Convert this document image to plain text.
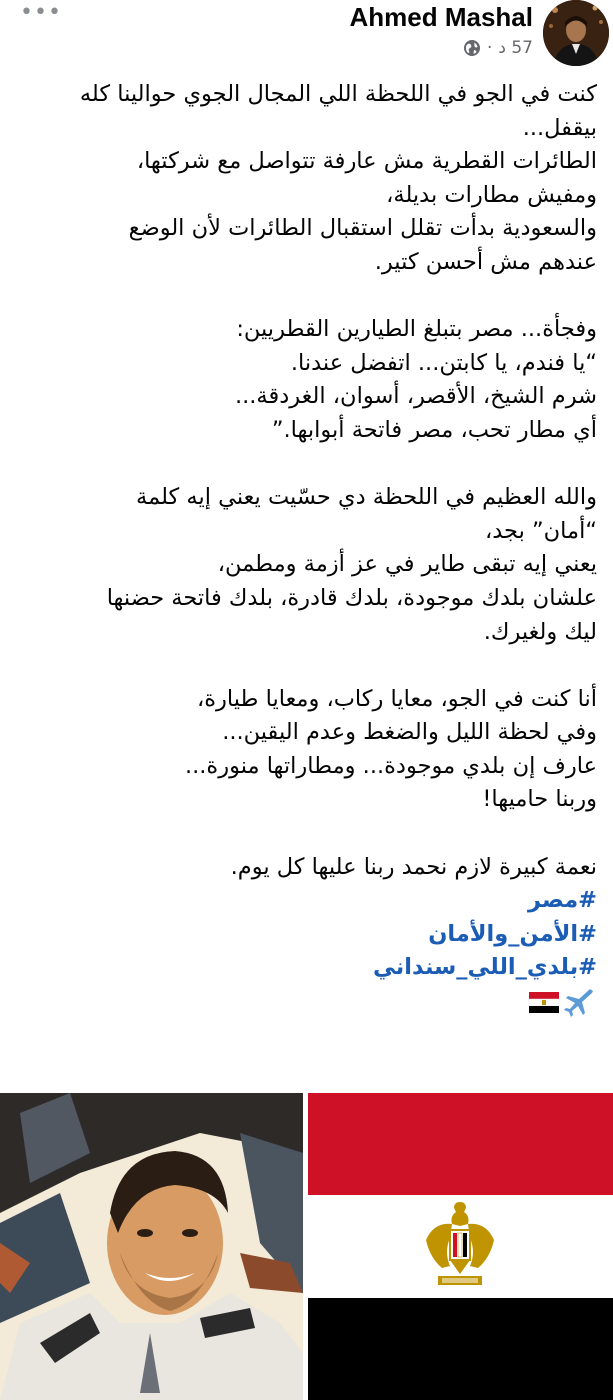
•••	Ahmed Mashal
· 57 د
كنت في الجو في اللحظة اللي المجال الجوي حوالينا كله
بيقفل...
الطائرات القطرية مش عارفة تتواصل مع شركتها،
ومفيش مطارات بديلة،
والسعودية بدأت تقلل استقبال الطائرات لأن الوضع
عندهم مش أحسن كتير.
وفجأة... مصر بتبلغ الطيارين القطريين:
“يا فندم، يا كابتن... اتفضل عندنا.
شرم الشيخ، الأقصر، أسوان، الغردقة...
أي مطار تحب، مصر فاتحة أبوابها.”
والله العظيم في اللحظة دي حسّيت يعني إيه كلمة
“أمان” بجد،
يعني إيه تبقى طاير في عز أزمة ومطمن،
علشان بلدك موجودة، بلدك قادرة، بلدك فاتحة حضنها
ليك ولغيرك.
أنا كنت في الجو، معايا ركاب، ومعايا طيارة،
وفي لحظة الليل والضغط وعدم اليقين...
عارف إن بلدي موجودة... ومطاراتها منورة...
وربنا حاميها!
نعمة كبيرة لازم نحمد ربنا عليها كل يوم.
#مصر
#الأمن_والأمان
#بلدي_اللي_سنداني
